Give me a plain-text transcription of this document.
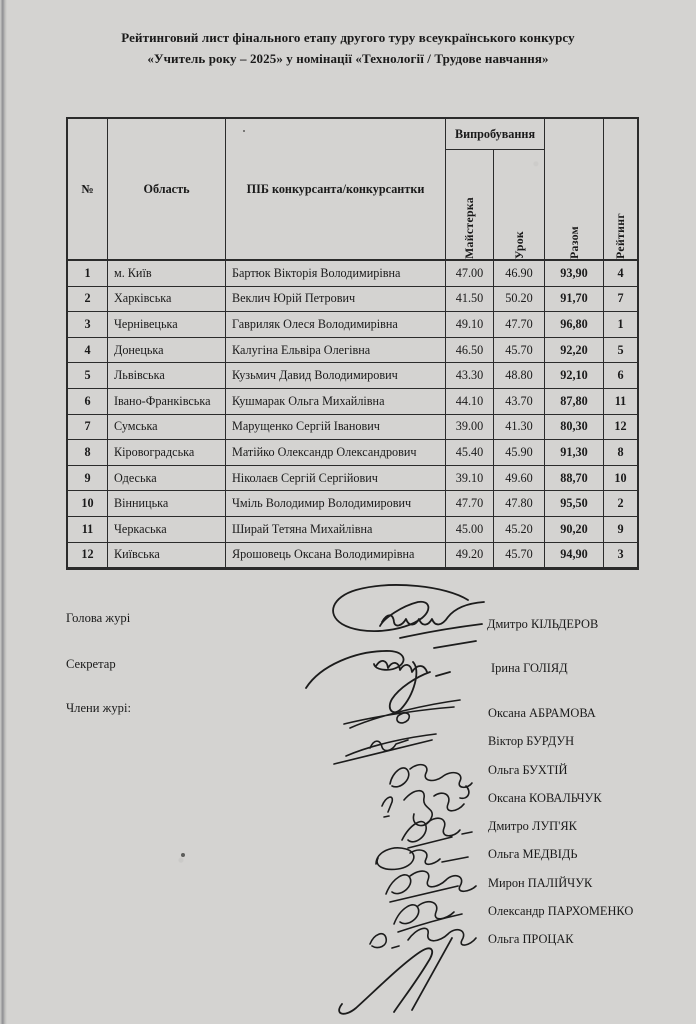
Рейтинговий лист фінального етапу другого туру всеукраїнського конкурсу
«Учитель року – 2025» у номінації «Технології / Трудове навчання»
№	Область	ПІБ конкурсанта/конкурсантки
Випробування
Майстерка	Урок	Разом	Рейтинг
1	м. Київ	Бартюк Вікторія Володимирівна	47.00	46.90	93,90	4
2	Харківська	Веклич Юрій Петрович	41.50	50.20	91,70	7
3	Чернівецька	Гавриляк Олеся Володимирівна	49.10	47.70	96,80	1
4	Донецька	Калугіна Ельвіра Олегівна	46.50	45.70	92,20	5
5	Львівська	Кузьмич Давид Володимирович	43.30	48.80	92,10	6
6	Івано-Франківська	Кушмарак Ольга Михайлівна	44.10	43.70	87,80	11
7	Сумська	Марущенко Сергій Іванович	39.00	41.30	80,30	12
8	Кіровоградська	Матійко Олександр Олександрович	45.40	45.90	91,30	8
9	Одеська	Ніколаєв Сергій Сергійович	39.10	49.60	88,70	10
10	Вінницька	Чміль Володимир Володимирович	47.70	47.80	95,50	2
11	Черкаська	Ширай Тетяна Михайлівна	45.00	45.20	90,20	9
12	Київська	Ярошовець Оксана Володимирівна	49.20	45.70	94,90	3
Голова журі
Секретар
Члени журі:
Дмитро КІЛЬДЕРОВ
Ірина ГОЛІЯД
Оксана АБРАМОВА
Віктор БУРДУН
Ольга БУХТІЙ
Оксана КОВАЛЬЧУК
Дмитро ЛУП'ЯК
Ольга МЕДВІДЬ
Мирон ПАЛІЙЧУК
Олександр ПАРХОМЕНКО
Ольга ПРОЦАК
